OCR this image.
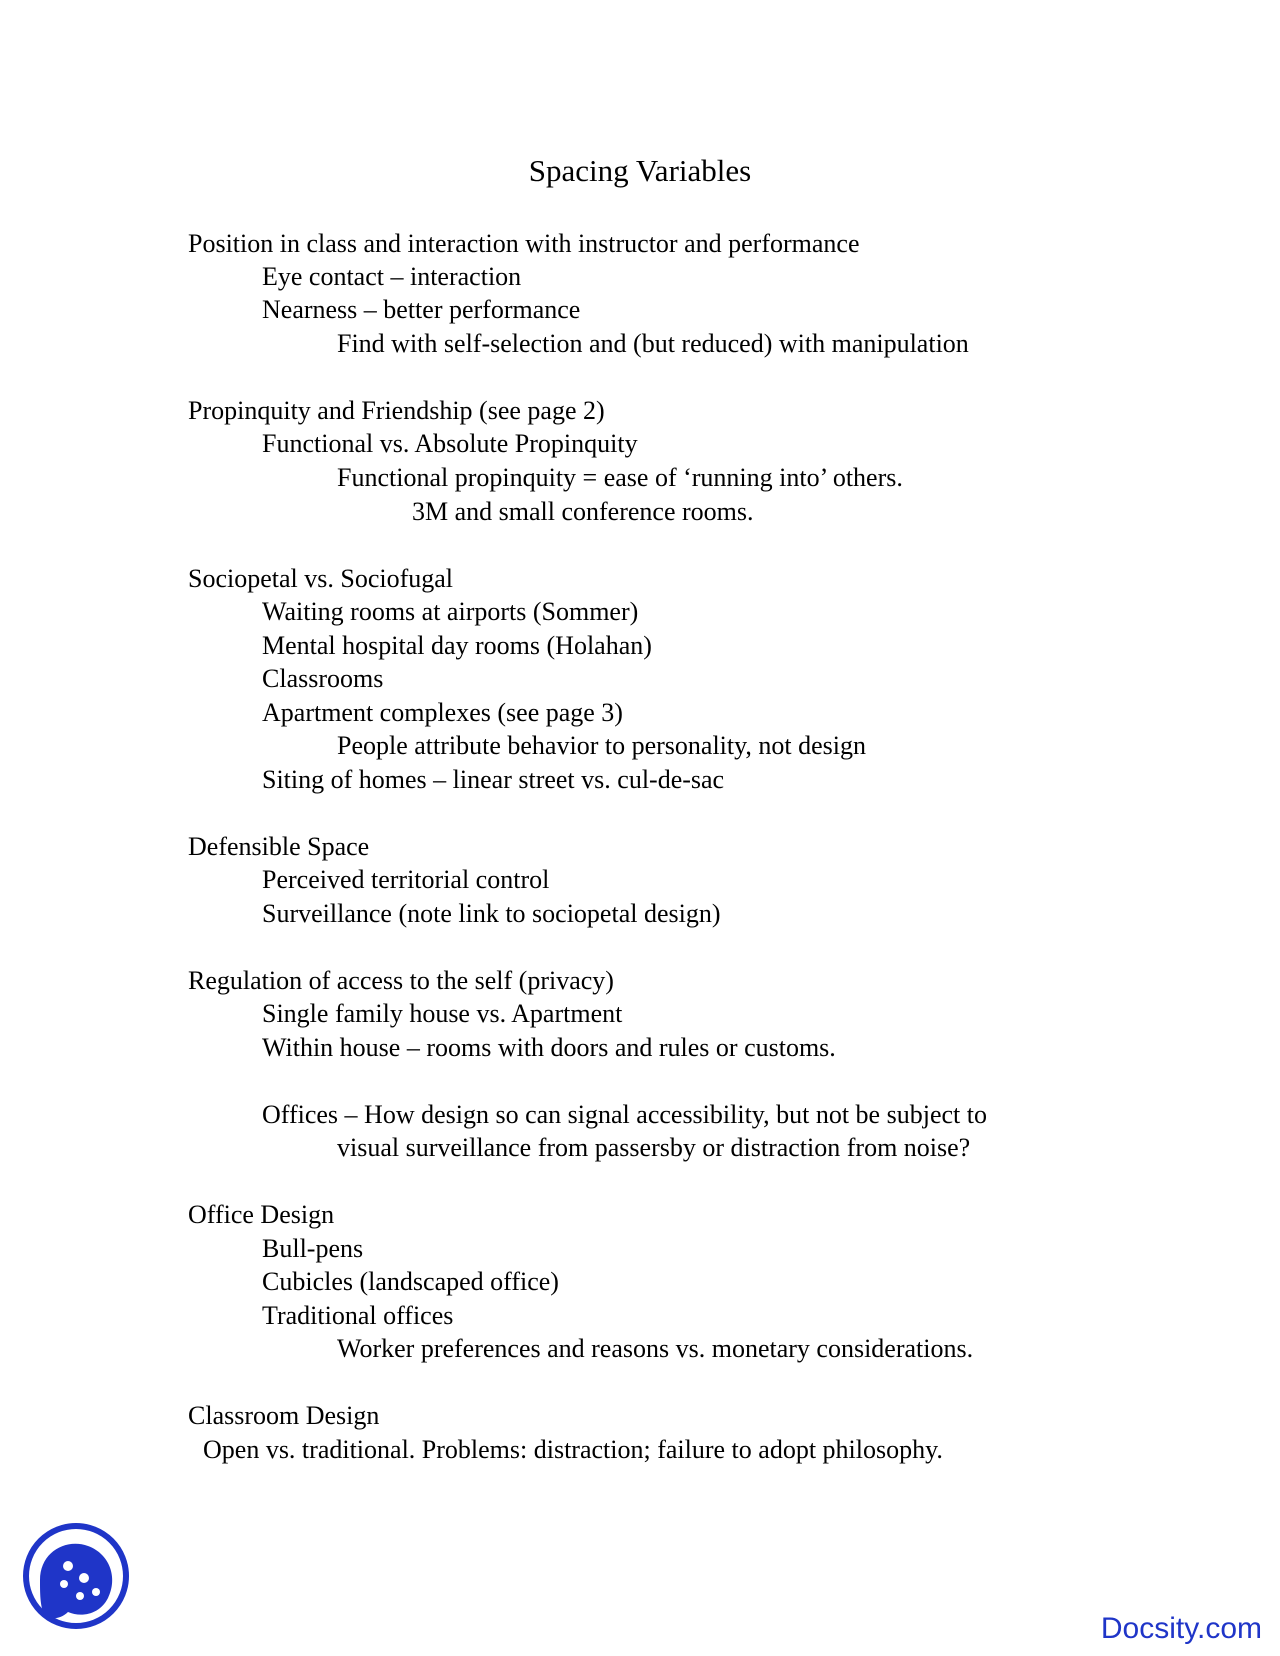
Spacing Variables
Position in class and interaction with instructor and performance
Eye contact – interaction
Nearness – better performance
Find with self-selection and (but reduced) with manipulation
Propinquity and Friendship (see page 2)
Functional vs. Absolute Propinquity
Functional propinquity = ease of ‘running into’ others.
3M and small conference rooms.
Sociopetal vs. Sociofugal
Waiting rooms at airports (Sommer)
Mental hospital day rooms (Holahan)
Classrooms
Apartment complexes (see page 3)
People attribute behavior to personality, not design
Siting of homes – linear street vs. cul-de-sac
Defensible Space
Perceived territorial control
Surveillance (note link to sociopetal design)
Regulation of access to the self (privacy)
Single family house vs. Apartment
Within house – rooms with doors and rules or customs.
Offices – How design so can signal accessibility, but not be subject to
visual surveillance from passersby or distraction from noise?
Office Design
Bull-pens
Cubicles (landscaped office)
Traditional offices
Worker preferences and reasons vs. monetary considerations.
Classroom Design
Open vs. traditional. Problems: distraction; failure to adopt philosophy.
Docsity.com
